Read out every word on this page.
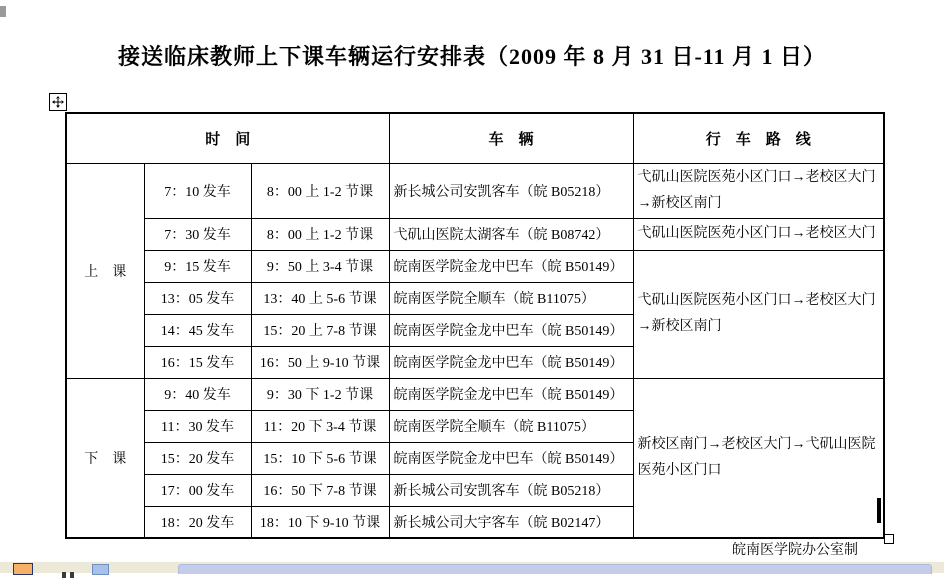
接送临床教师上下课车辆运行安排表（2009 年 8 月 31 日-11 月 1 日）
时　间			车　辆	行　车　路　线
上　课	7：10 发车	8：00 上 1-2 节课	新长城公司安凯客车（皖 B05218）	弋矶山医院医苑小区门口→老校区大门→新校区南门
	7：30 发车	8：00 上 1-2 节课	弋矶山医院太湖客车（皖 B08742）	弋矶山医院医苑小区门口→老校区大门
	9：15 发车	9：50 上 3-4 节课	皖南医学院金龙中巴车（皖 B50149）	弋矶山医院医苑小区门口→老校区大门→新校区南门
	13：05 发车	13：40 上 5-6 节课	皖南医学院全顺车（皖 B11075）	
	14：45 发车	15：20 上 7-8 节课	皖南医学院金龙中巴车（皖 B50149）	
	16：15 发车	16：50 上 9-10 节课	皖南医学院金龙中巴车（皖 B50149）	
下　课	9：40 发车	9：30 下 1-2 节课	皖南医学院金龙中巴车（皖 B50149）	新校区南门→老校区大门→弋矶山医院医苑小区门口
	11：30 发车	11：20 下 3-4 节课	皖南医学院全顺车（皖 B11075）	
	15：20 发车	15：10 下 5-6 节课	皖南医学院金龙中巴车（皖 B50149）	
	17：00 发车	16：50 下 7-8 节课	新长城公司安凯客车（皖 B05218）	
	18：20 发车	18：10 下 9-10 节课	新长城公司大宇客车（皖 B02147）	
皖南医学院办公室制
